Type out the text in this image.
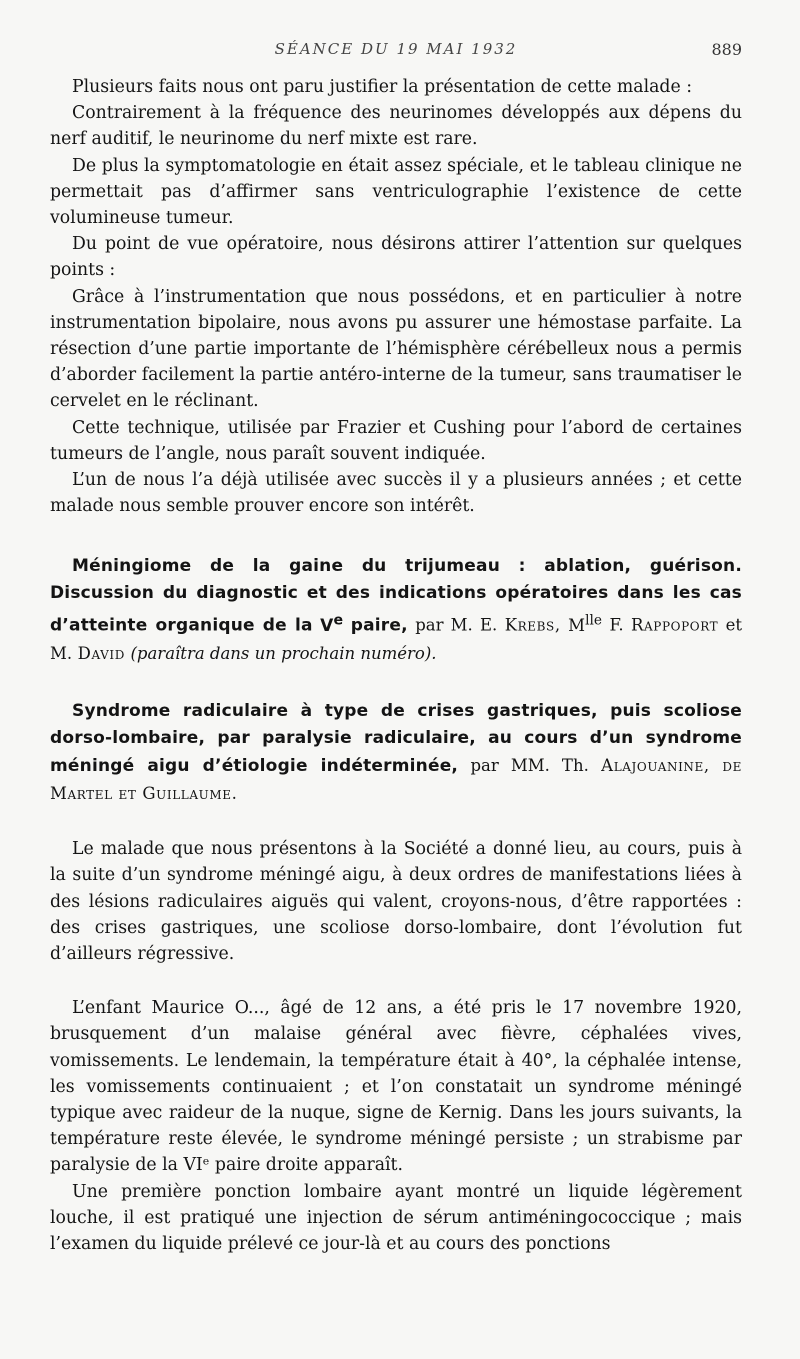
SÉANCE DU 19 MAI 1932	889

Plusieurs faits nous ont paru justifier la présentation de cette malade :

Contrairement à la fréquence des neurinomes développés aux dépens du nerf auditif, le neurinome du nerf mixte est rare.

De plus la symptomatologie en était assez spéciale, et le tableau clinique ne permettait pas d’affirmer sans ventriculographie l’existence de cette volumineuse tumeur.

Du point de vue opératoire, nous désirons attirer l’attention sur quelques points :

Grâce à l’instrumentation que nous possédons, et en particulier à notre instrumentation bipolaire, nous avons pu assurer une hémostase parfaite. La résection d’une partie importante de l’hémisphère cérébelleux nous a permis d’aborder facilement la partie antéro-interne de la tumeur, sans traumatiser le cervelet en le réclinant.

Cette technique, utilisée par Frazier et Cushing pour l’abord de certaines tumeurs de l’angle, nous paraît souvent indiquée.

L’un de nous l’a déjà utilisée avec succès il y a plusieurs années ; et cette malade nous semble prouver encore son intérêt.

Méningiome de la gaine du trijumeau : ablation, guérison. Discussion du diagnostic et des indications opératoires dans les cas d’atteinte organique de la Ve paire, par M. E. Krebs, $M^{lle}$ F. Rappoport et M. David (paraîtra dans un prochain numéro).

Syndrome radiculaire à type de crises gastriques, puis scoliose dorso-lombaire, par paralysie radiculaire, au cours d’un syndrome méningé aigu d’étiologie indéterminée, par MM. Th. Alajouanine, de Martel et Guillaume.

Le malade que nous présentons à la Société a donné lieu, au cours, puis à la suite d’un syndrome méningé aigu, à deux ordres de manifestations liées à des lésions radiculaires aiguës qui valent, croyons-nous, d’être rapportées : des crises gastriques, une scoliose dorso-lombaire, dont l’évolution fut d’ailleurs régressive.

L’enfant Maurice O..., âgé de 12 ans, a été pris le 17 novembre 1920, brusquement d’un malaise général avec fièvre, céphalées vives, vomissements. Le lendemain, la température était à 40°, la céphalée intense, les vomissements continuaient ; et l’on constatait un syndrome méningé typique avec raideur de la nuque, signe de Kernig. Dans les jours suivants, la température reste élevée, le syndrome méningé persiste ; un strabisme par paralysie de la VIᵉ paire droite apparaît.

Une première ponction lombaire ayant montré un liquide légèrement louche, il est pratiqué une injection de sérum antiméningococcique ; mais l’examen du liquide prélevé ce jour-là et au cours des ponctions
